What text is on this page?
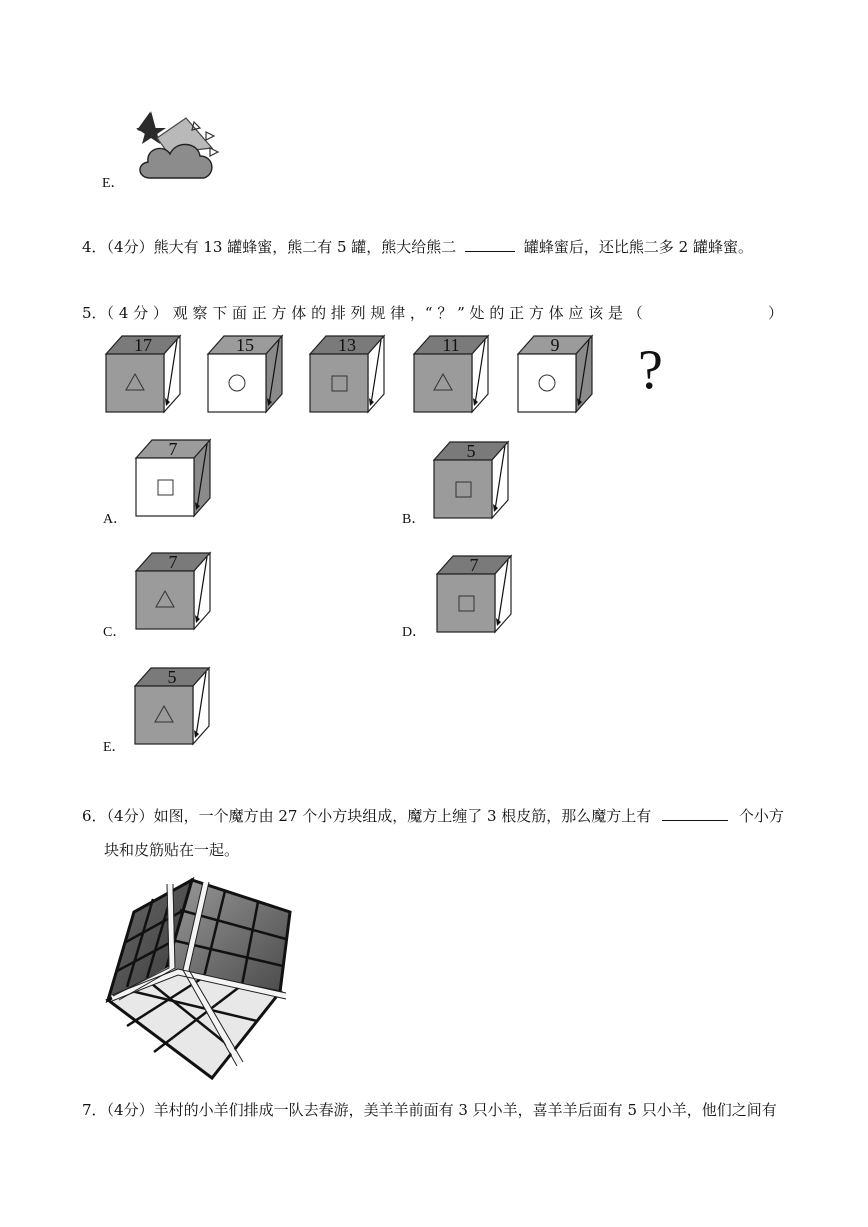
E．
4．（4分）熊大有 13 罐蜂蜜，熊二有 5 罐，熊大给熊二	罐蜂蜜后，还比熊二多 2 罐蜂蜜。
5．（ 4 分 ） 观 察 下 面 正 方 体 的 排 列 规 律 ，“ ？ ” 处 的 正 方 体 应 该 是 （	）
17	15	13	11	9 ?
A．
7
B．
5
C．
7
D．
7
E．
5
6．（4分）如图，一个魔方由 27 个小方块组成，魔方上缠了 3 根皮筋，那么魔方上有	个小方
块和皮筋贴在一起。
7．（4分）羊村的小羊们排成一队去春游，美羊羊前面有 3 只小羊，喜羊羊后面有 5 只小羊，他们之间有
